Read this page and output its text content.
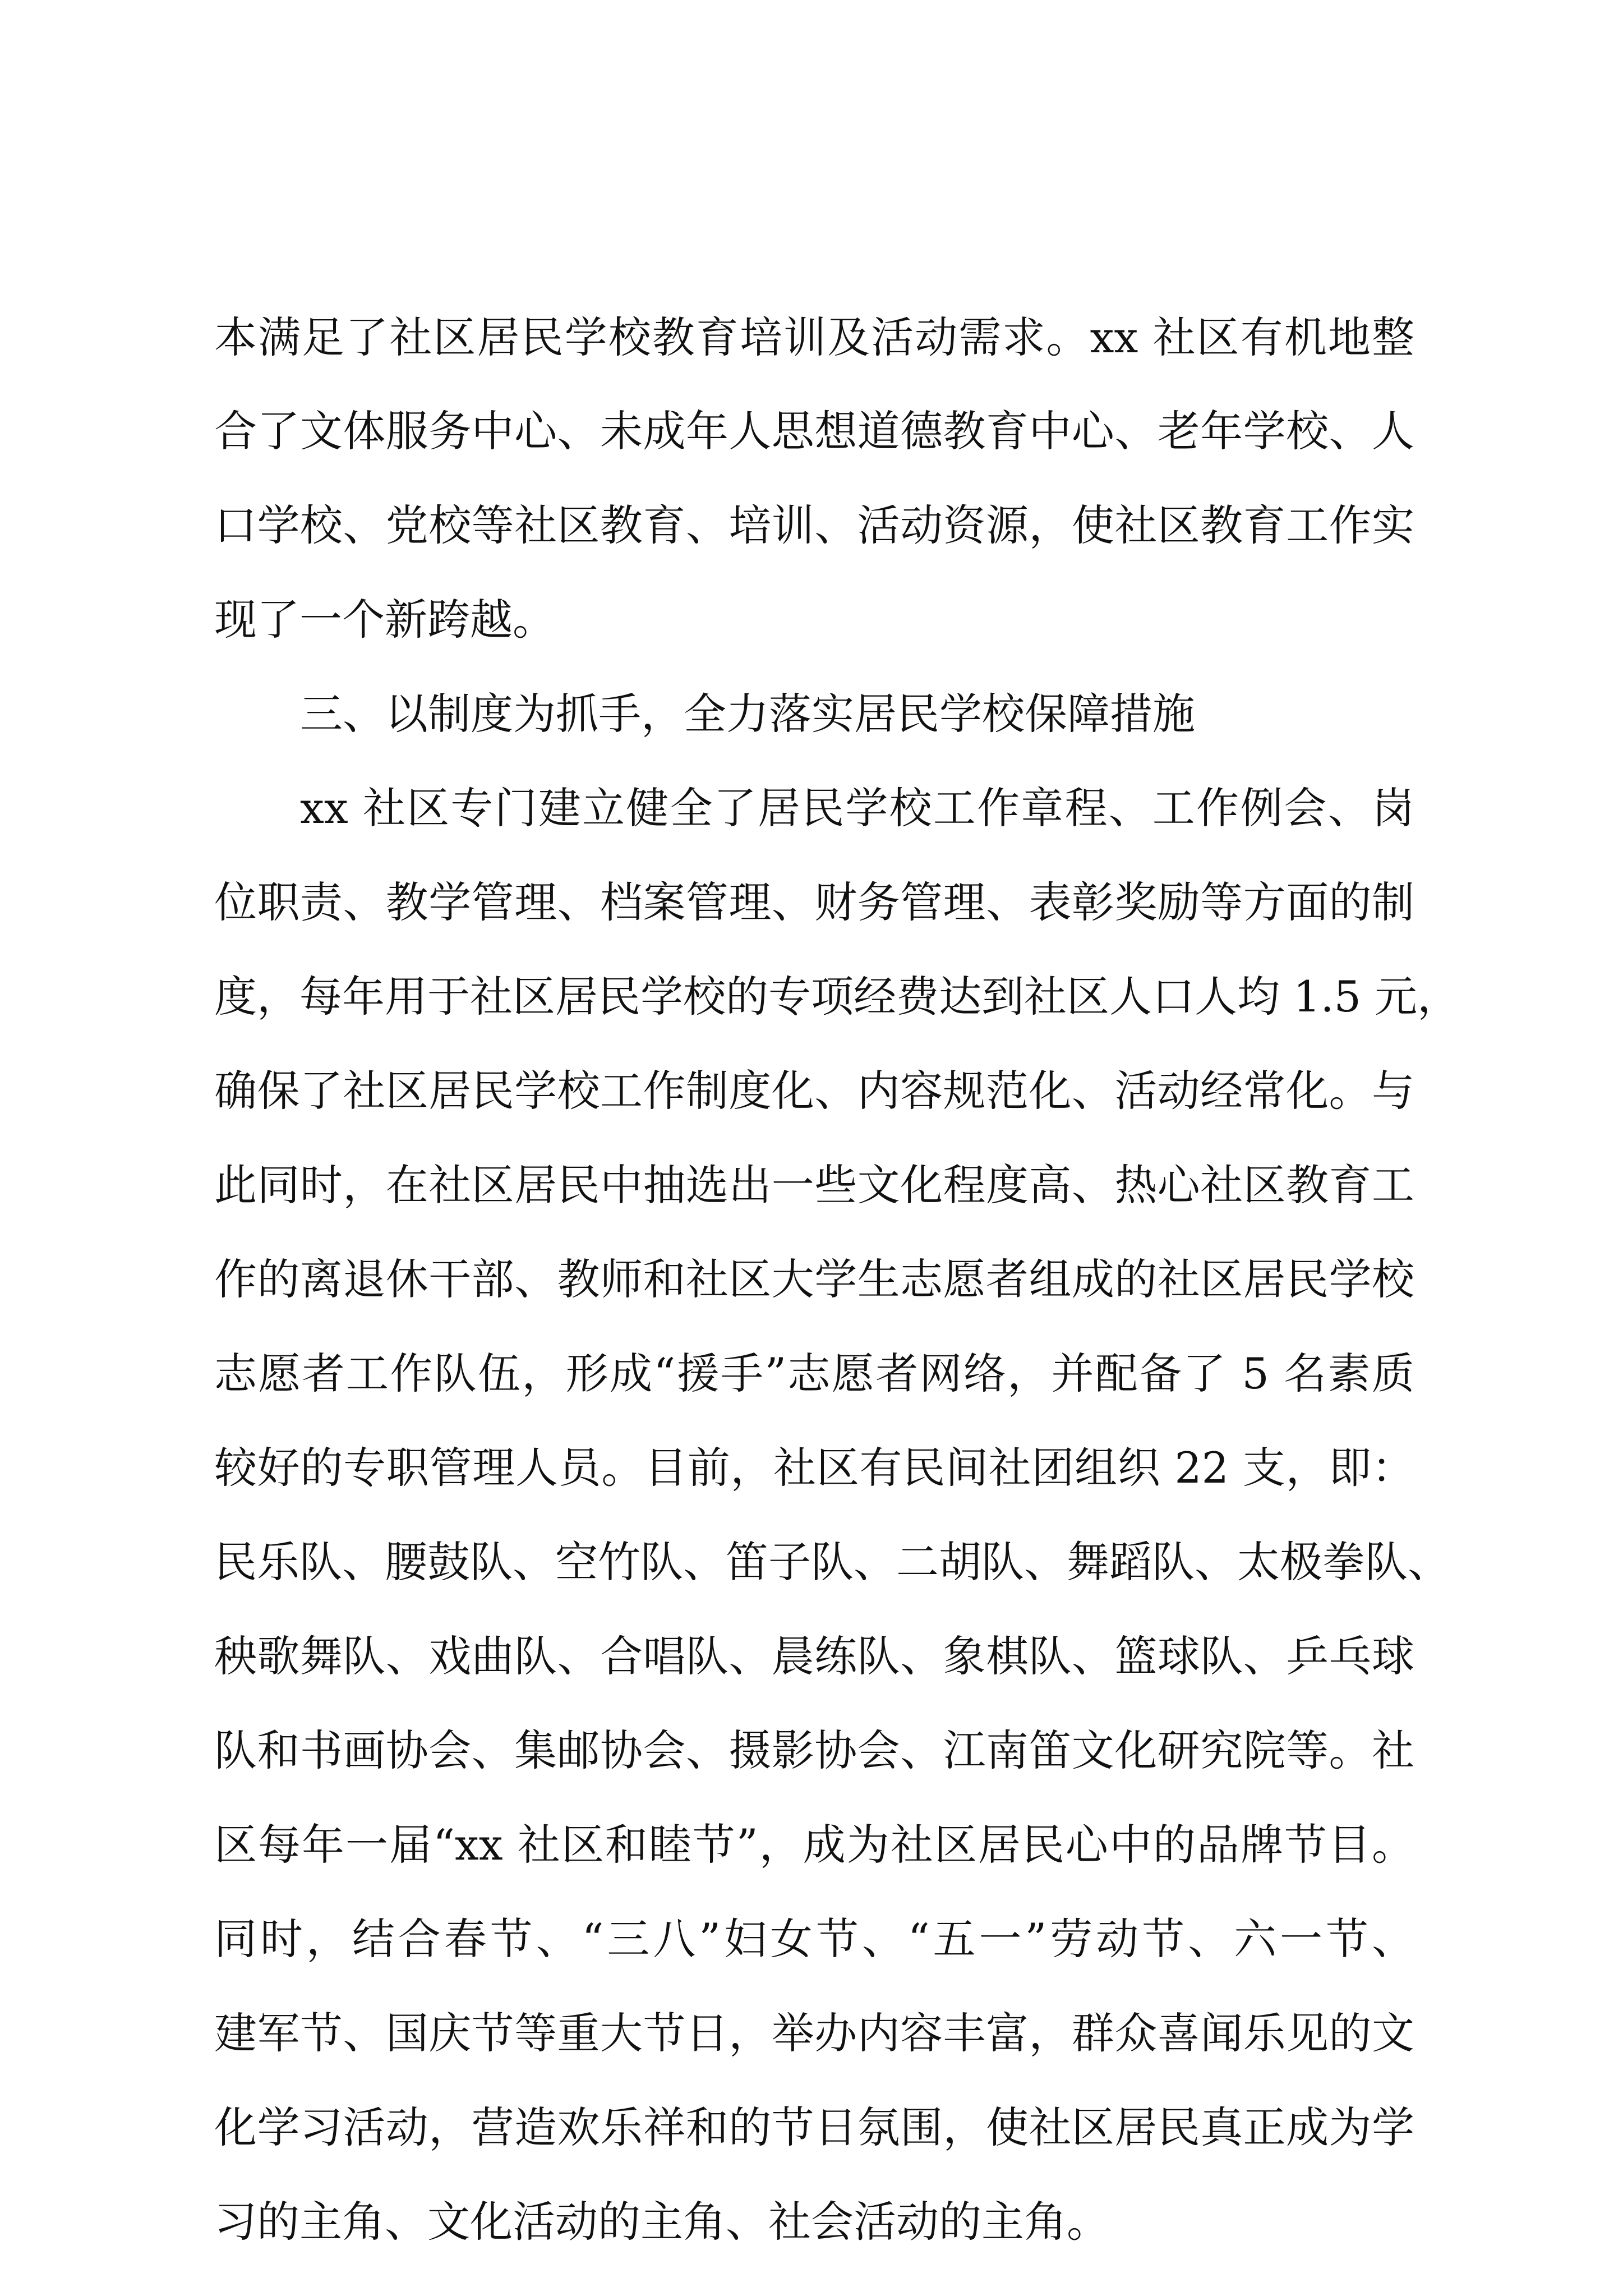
本满足了社区居民学校教育培训及活动需求。xx 社区有机地整
合了文体服务中心、未成年人思想道德教育中心、老年学校、人
口学校、党校等社区教育、培训、活动资源，使社区教育工作实
现了一个新跨越。
三、以制度为抓手，全力落实居民学校保障措施
xx 社区专门建立健全了居民学校工作章程、工作例会、岗
位职责、教学管理、档案管理、财务管理、表彰奖励等方面的制
度，每年用于社区居民学校的专项经费达到社区人口人均 1.5 元，
确保了社区居民学校工作制度化、内容规范化、活动经常化。与
此同时，在社区居民中抽选出一些文化程度高、热心社区教育工
作的离退休干部、教师和社区大学生志愿者组成的社区居民学校
志愿者工作队伍，形成“援手”志愿者网络，并配备了 5 名素质
较好的专职管理人员。目前，社区有民间社团组织 22 支，即：
民乐队、腰鼓队、空竹队、笛子队、二胡队、舞蹈队、太极拳队、
秧歌舞队、戏曲队、合唱队、晨练队、象棋队、篮球队、乒乓球
队和书画协会、集邮协会、摄影协会、江南笛文化研究院等。社
区每年一届“xx 社区和睦节”，成为社区居民心中的品牌节目。
同时，结合春节、“三八”妇女节、“五一”劳动节、六一节、
建军节、国庆节等重大节日，举办内容丰富，群众喜闻乐见的文
化学习活动，营造欢乐祥和的节日氛围，使社区居民真正成为学
习的主角、文化活动的主角、社会活动的主角。
